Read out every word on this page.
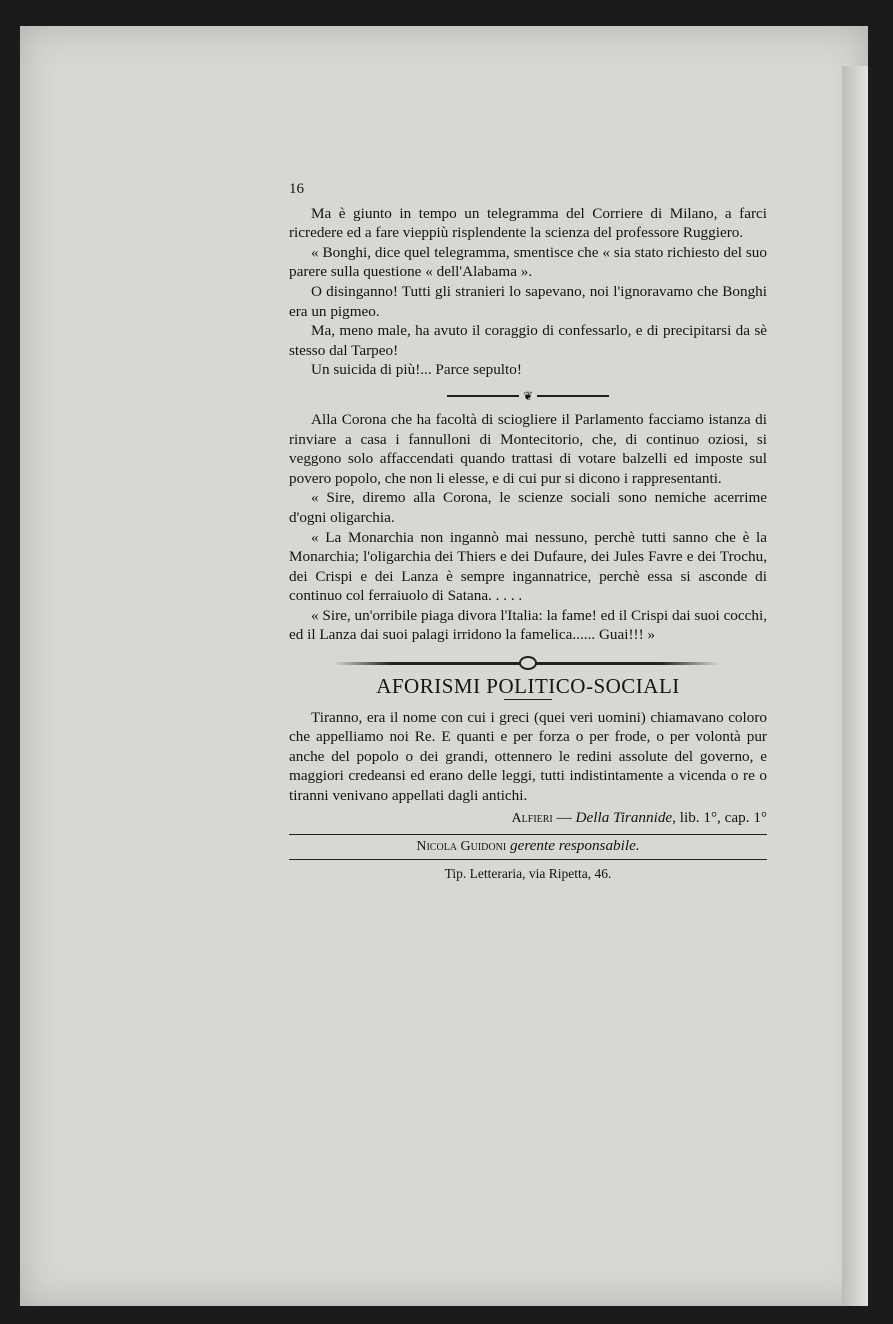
16

Ma è giunto in tempo un telegramma del Corriere di Milano, a farci ricredere ed a fare vieppiù risplendente la scienza del professore Ruggiero.

« Bonghi, dice quel telegramma, smentisce che « sia stato richiesto del suo parere sulla questione « dell'Alabama ».

O disinganno! Tutti gli stranieri lo sapevano, noi l'ignoravamo che Bonghi era un pigmeo.

Ma, meno male, ha avuto il coraggio di confessarlo, e di precipitarsi da sè stesso dal Tarpeo!

Un suicida di più!... Parce sepulto!

❦

Alla Corona che ha facoltà di sciogliere il Parlamento facciamo istanza di rinviare a casa i fannulloni di Montecitorio, che, di continuo oziosi, si veggono solo affaccendati quando trattasi di votare balzelli ed imposte sul povero popolo, che non li elesse, e di cui pur si dicono i rappresentanti.

« Sire, diremo alla Corona, le scienze sociali sono nemiche acerrime d'ogni oligarchia.

« La Monarchia non ingannò mai nessuno, perchè tutti sanno che è la Monarchia; l'oligarchia dei Thiers e dei Dufaure, dei Jules Favre e dei Trochu, dei Crispi e dei Lanza è sempre ingannatrice, perchè essa si asconde di continuo col ferraiuolo di Satana. . . . .

« Sire, un'orribile piaga divora l'Italia: la fame! ed il Crispi dai suoi cocchi, ed il Lanza dai suoi palagi irridono la famelica...... Guai!!! »

AFORISMI POLITICO-SOCIALI

Tiranno, era il nome con cui i greci (quei veri uomini) chiamavano coloro che appelliamo noi Re. E quanti e per forza o per frode, o per volontà pur anche del popolo o dei grandi, ottennero le redini assolute del governo, e maggiori credeansi ed erano delle leggi, tutti indistintamente a vicenda o re o tiranni venivano appellati dagli antichi.

Alfieri — Della Tirannide, lib. 1°, cap. 1°
Nicola Guidoni gerente responsabile.
Tip. Letteraria, via Ripetta, 46.
